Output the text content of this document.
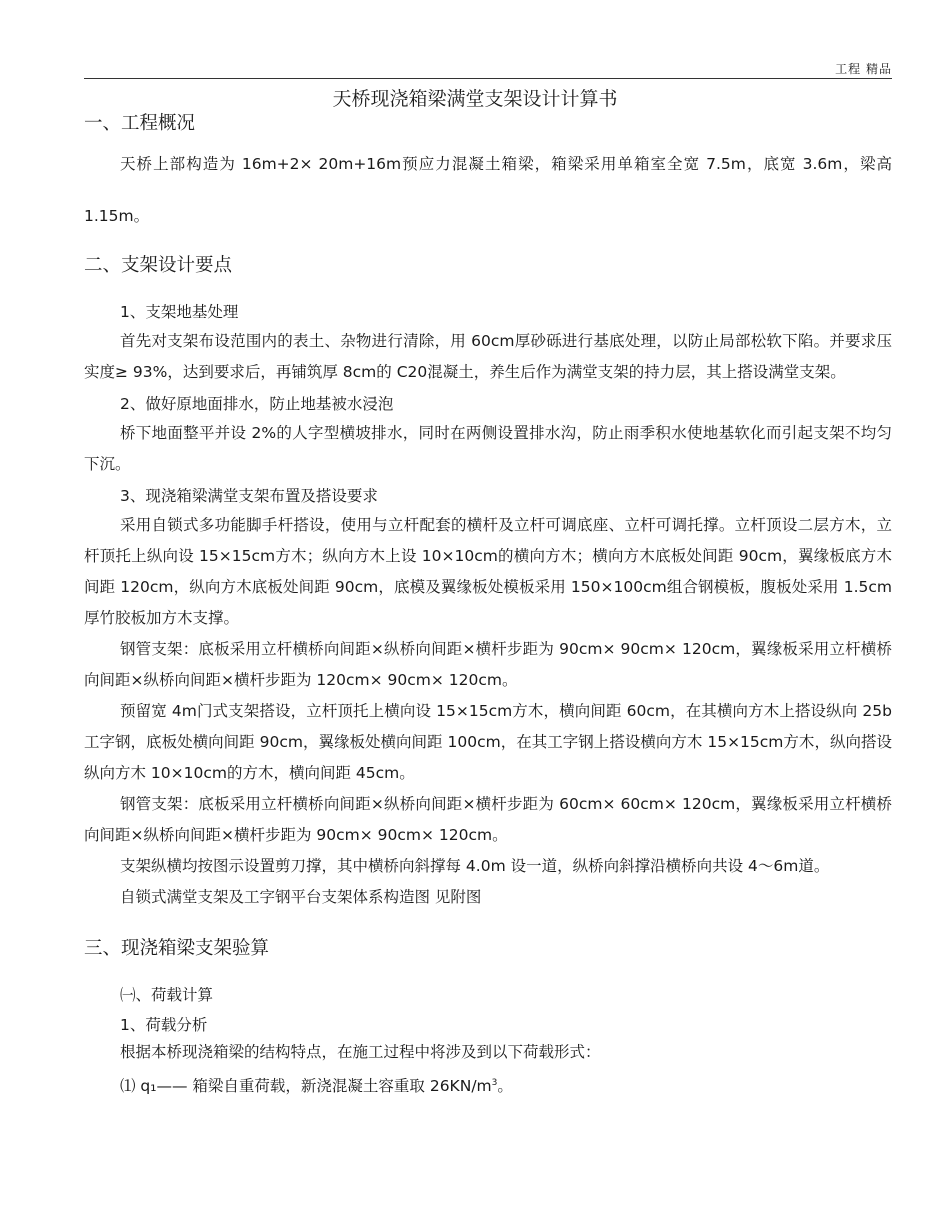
工程 精品
天桥现浇箱梁满堂支架设计计算书
一、工程概况

天桥上部构造为 16m+2× 20m+16m预应力混凝土箱梁，箱梁采用单箱室全宽 7.5m，底宽 3.6m，梁高 1.15m。

二、支架设计要点
1、支架地基处理

首先对支架布设范围内的表土、杂物进行清除，用 60cm厚砂砾进行基底处理，以防止局部松软下陷。并要求压实度≥ 93%，达到要求后，再铺筑厚 8cm的 C20混凝土，养生后作为满堂支架的持力层，其上搭设满堂支架。

2、做好原地面排水，防止地基被水浸泡

桥下地面整平并设 2%的人字型横坡排水，同时在两侧设置排水沟，防止雨季积水使地基软化而引起支架不均匀下沉。

3、现浇箱梁满堂支架布置及搭设要求

采用自锁式多功能脚手杆搭设，使用与立杆配套的横杆及立杆可调底座、立杆可调托撑。立杆顶设二层方木，立杆顶托上纵向设 15×15cm方木；纵向方木上设 10×10cm的横向方木；横向方木底板处间距 90cm，翼缘板底方木间距 120cm，纵向方木底板处间距 90cm，底模及翼缘板处模板采用 150×100cm组合钢模板，腹板处采用 1.5cm 厚竹胶板加方木支撑。

钢管支架：底板采用立杆横桥向间距×纵桥向间距×横杆步距为 90cm× 90cm× 120cm，翼缘板采用立杆横桥向间距×纵桥向间距×横杆步距为 120cm× 90cm× 120cm。

预留宽 4m门式支架搭设，立杆顶托上横向设 15×15cm方木，横向间距 60cm，在其横向方木上搭设纵向 25b 工字钢，底板处横向间距 90cm，翼缘板处横向间距 100cm，在其工字钢上搭设横向方木 15×15cm方木，纵向搭设纵向方木 10×10cm的方木，横向间距 45cm。

钢管支架：底板采用立杆横桥向间距×纵桥向间距×横杆步距为 60cm× 60cm× 120cm，翼缘板采用立杆横桥向间距×纵桥向间距×横杆步距为 90cm× 90cm× 120cm。

支架纵横均按图示设置剪刀撑，其中横桥向斜撑每 4.0m 设一道，纵桥向斜撑沿横桥向共设 4～6m道。

自锁式满堂支架及工字钢平台支架体系构造图 见附图

三、现浇箱梁支架验算
㈠、荷载计算
1、荷载分析

根据本桥现浇箱梁的结构特点，在施工过程中将涉及到以下荷载形式：

⑴ q₁—— 箱梁自重荷载，新浇混凝土容重取 $26KN/m^3$。
